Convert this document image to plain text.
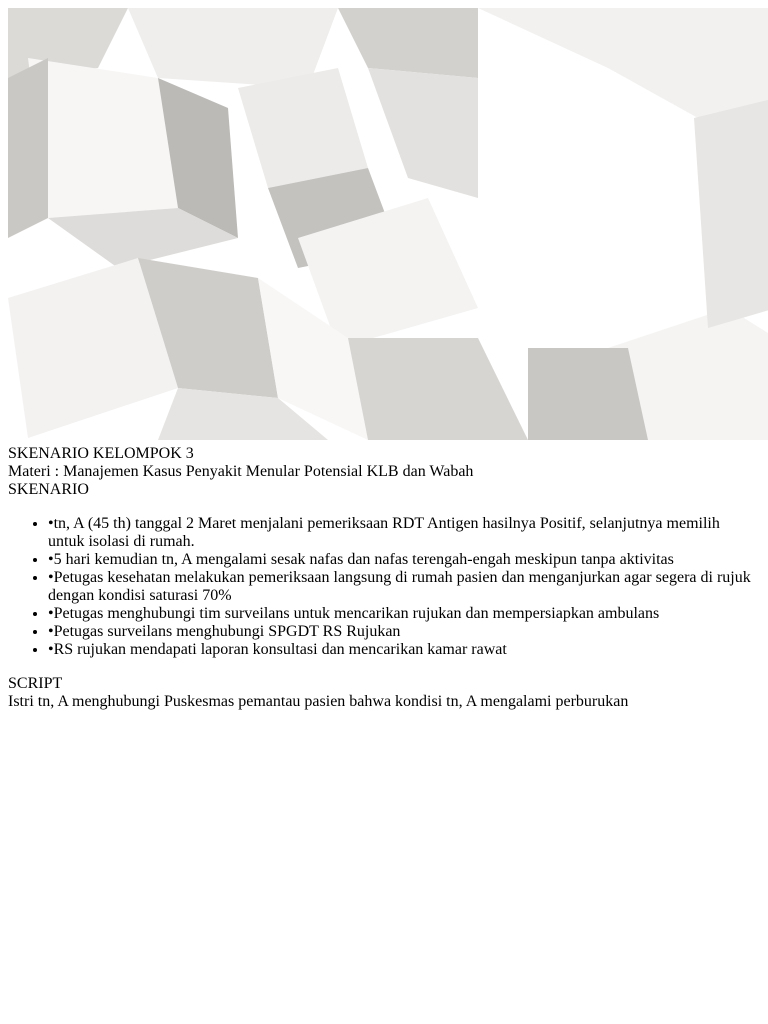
SKENARIO KELOMPOK 3
Materi : Manajemen Kasus Penyakit Menular Potensial KLB dan Wabah
SKENARIO
• •tn, A (45 th) tanggal 2 Maret menjalani pemeriksaan RDT Antigen hasilnya Positif, selanjutnya memilih untuk isolasi di rumah.
• •5 hari kemudian tn, A mengalami sesak nafas dan nafas terengah-engah meskipun tanpa aktivitas
• •Petugas kesehatan melakukan pemeriksaan langsung di rumah pasien dan menganjurkan agar segera di rujuk dengan kondisi saturasi 70%
• •Petugas menghubungi tim surveilans untuk mencarikan rujukan dan mempersiapkan ambulans
• •Petugas surveilans menghubungi SPGDT RS Rujukan
• •RS rujukan mendapati laporan konsultasi dan mencarikan kamar rawat
SCRIPT
Istri tn, A menghubungi Puskesmas pemantau pasien bahwa kondisi tn, A mengalami perburukan
